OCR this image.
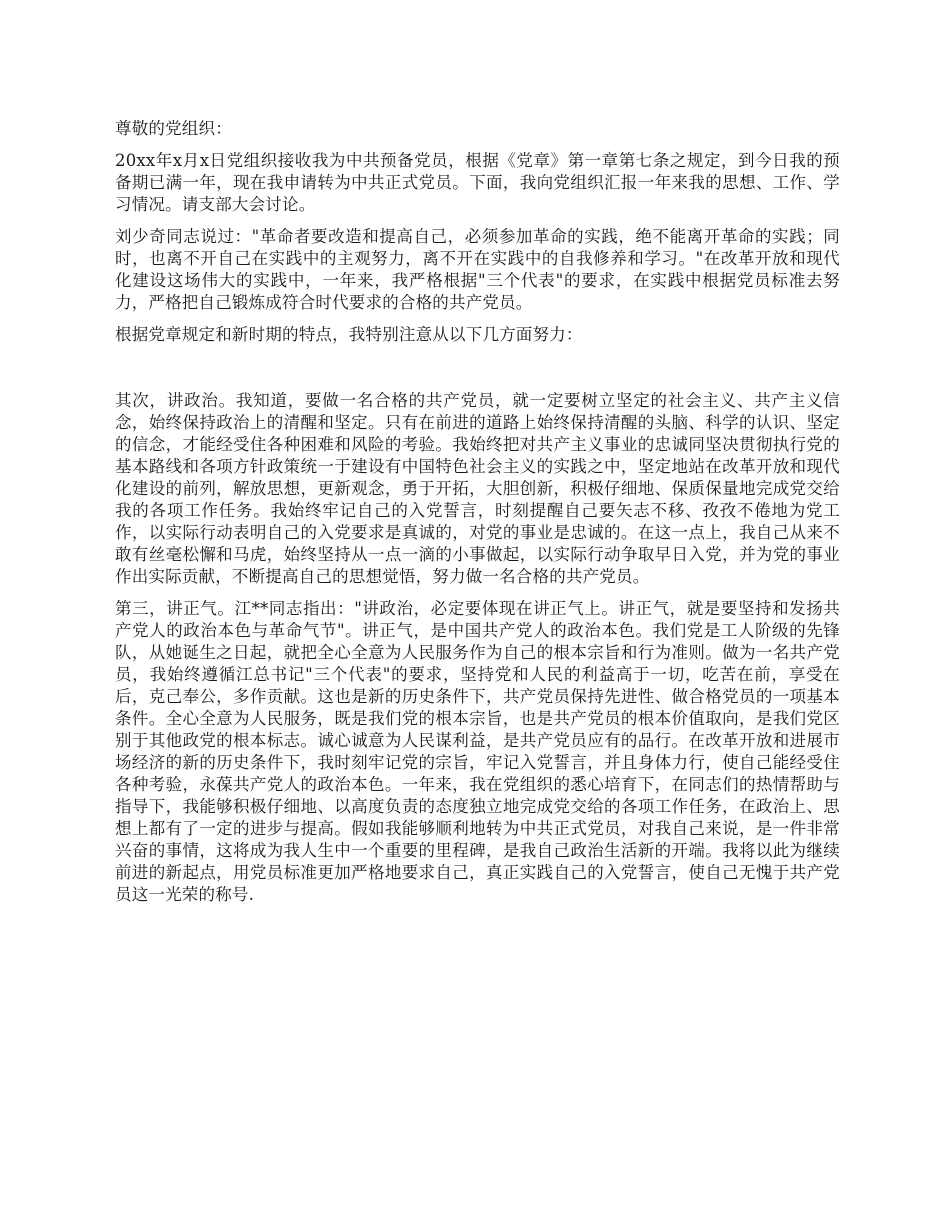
尊敬的党组织：

20xx年x月x日党组织接收我为中共预备党员，根据《党章》第一章第七条之规定，到今日我的预备期已满一年，现在我申请转为中共正式党员。下面，我向党组织汇报一年来我的思想、工作、学习情况。请支部大会讨论。

刘少奇同志说过："革命者要改造和提高自己，必须参加革命的实践，绝不能离开革命的实践；同时，也离不开自己在实践中的主观努力，离不开在实践中的自我修养和学习。"在改革开放和现代化建设这场伟大的实践中，一年来，我严格根据"三个代表"的要求，在实践中根据党员标准去努力，严格把自己锻炼成符合时代要求的合格的共产党员。

根据党章规定和新时期的特点，我特别注意从以下几方面努力：

其次，讲政治。我知道，要做一名合格的共产党员，就一定要树立坚定的社会主义、共产主义信念，始终保持政治上的清醒和坚定。只有在前进的道路上始终保持清醒的头脑、科学的认识、坚定的信念，才能经受住各种困难和风险的考验。我始终把对共产主义事业的忠诚同坚决贯彻执行党的基本路线和各项方针政策统一于建设有中国特色社会主义的实践之中，坚定地站在改革开放和现代化建设的前列，解放思想，更新观念，勇于开拓，大胆创新，积极仔细地、保质保量地完成党交给我的各项工作任务。我始终牢记自己的入党誓言，时刻提醒自己要矢志不移、孜孜不倦地为党工作，以实际行动表明自己的入党要求是真诚的，对党的事业是忠诚的。在这一点上，我自己从来不敢有丝毫松懈和马虎，始终坚持从一点一滴的小事做起，以实际行动争取早日入党，并为党的事业作出实际贡献，不断提高自己的思想觉悟，努力做一名合格的共产党员。

第三，讲正气。江**同志指出："讲政治，必定要体现在讲正气上。讲正气，就是要坚持和发扬共产党人的政治本色与革命气节"。讲正气，是中国共产党人的政治本色。我们党是工人阶级的先锋队，从她诞生之日起，就把全心全意为人民服务作为自己的根本宗旨和行为准则。做为一名共产党员，我始终遵循江总书记"三个代表"的要求，坚持党和人民的利益高于一切，吃苦在前，享受在后，克己奉公，多作贡献。这也是新的历史条件下，共产党员保持先进性、做合格党员的一项基本条件。全心全意为人民服务，既是我们党的根本宗旨，也是共产党员的根本价值取向，是我们党区别于其他政党的根本标志。诚心诚意为人民谋利益，是共产党员应有的品行。在改革开放和进展市场经济的新的历史条件下，我时刻牢记党的宗旨，牢记入党誓言，并且身体力行，使自己能经受住各种考验，永葆共产党人的政治本色。一年来，我在党组织的悉心培育下，在同志们的热情帮助与指导下，我能够积极仔细地、以高度负责的态度独立地完成党交给的各项工作任务，在政治上、思想上都有了一定的进步与提高。假如我能够顺利地转为中共正式党员，对我自己来说，是一件非常兴奋的事情，这将成为我人生中一个重要的里程碑，是我自己政治生活新的开端。我将以此为继续前进的新起点，用党员标准更加严格地要求自己，真正实践自己的入党誓言，使自己无愧于共产党员这一光荣的称号.
